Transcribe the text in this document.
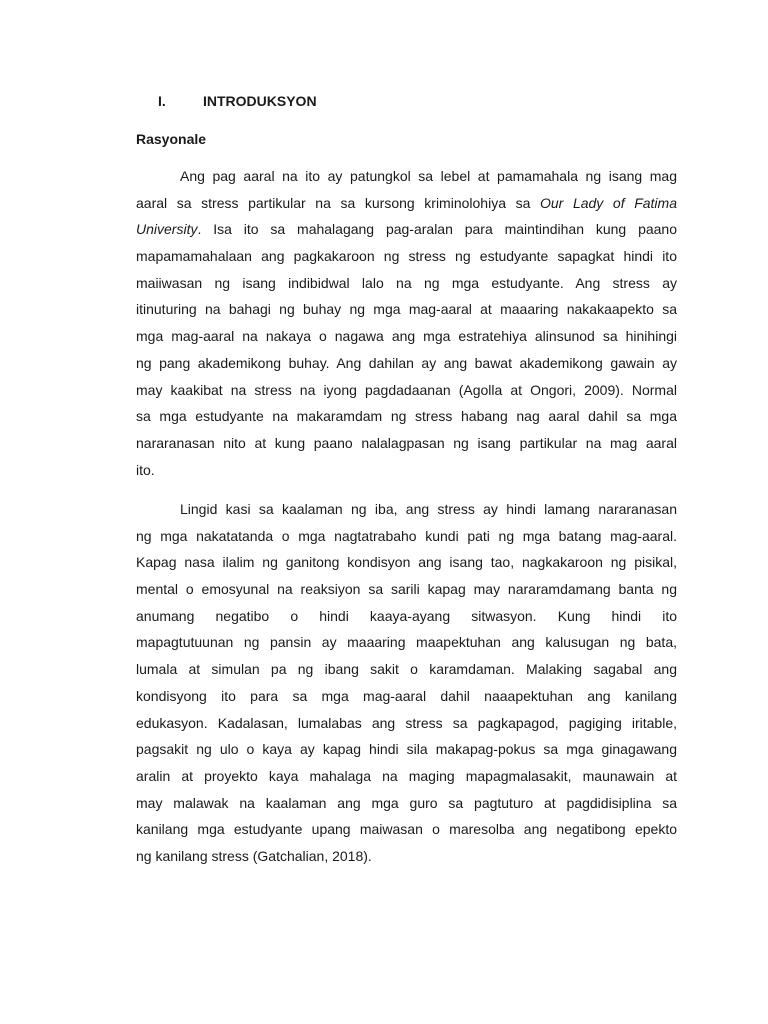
I.	INTRODUKSYON
Rasyonale
Ang pag aaral na ito ay patungkol sa lebel at pamamahala ng isang mag
aaral sa stress partikular na sa kursong kriminolohiya sa Our Lady of Fatima
University. Isa ito sa mahalagang pag-aralan para maintindihan kung paano
mapamamahalaan ang pagkakaroon ng stress ng estudyante sapagkat hindi ito
maiiwasan ng isang indibidwal lalo na ng mga estudyante. Ang stress ay
itinuturing na bahagi ng buhay ng mga mag-aaral at maaaring nakakaapekto sa
mga mag-aaral na nakaya o nagawa ang mga estratehiya alinsunod sa hinihingi
ng pang akademikong buhay. Ang dahilan ay ang bawat akademikong gawain ay
may kaakibat na stress na iyong pagdadaanan (Agolla at Ongori, 2009). Normal
sa mga estudyante na makaramdam ng stress habang nag aaral dahil sa mga
nararanasan nito at kung paano nalalagpasan ng isang partikular na mag aaral
ito.
Lingid kasi sa kaalaman ng iba, ang stress ay hindi lamang nararanasan
ng mga nakatatanda o mga nagtatrabaho kundi pati ng mga batang mag-aaral.
Kapag nasa ilalim ng ganitong kondisyon ang isang tao, nagkakaroon ng pisikal,
mental o emosyunal na reaksiyon sa sarili kapag may nararamdamang banta ng
anumang negatibo o hindi kaaya-ayang sitwasyon. Kung hindi ito
mapagtutuunan ng pansin ay maaaring maapektuhan ang kalusugan ng bata,
lumala at simulan pa ng ibang sakit o karamdaman. Malaking sagabal ang
kondisyong ito para sa mga mag-aaral dahil naaapektuhan ang kanilang
edukasyon. Kadalasan, lumalabas ang stress sa pagkapagod, pagiging iritable,
pagsakit ng ulo o kaya ay kapag hindi sila makapag-pokus sa mga ginagawang
aralin at proyekto kaya mahalaga na maging mapagmalasakit, maunawain at
may malawak na kaalaman ang mga guro sa pagtuturo at pagdidisiplina sa
kanilang mga estudyante upang maiwasan o maresolba ang negatibong epekto
ng kanilang stress (Gatchalian, 2018).
